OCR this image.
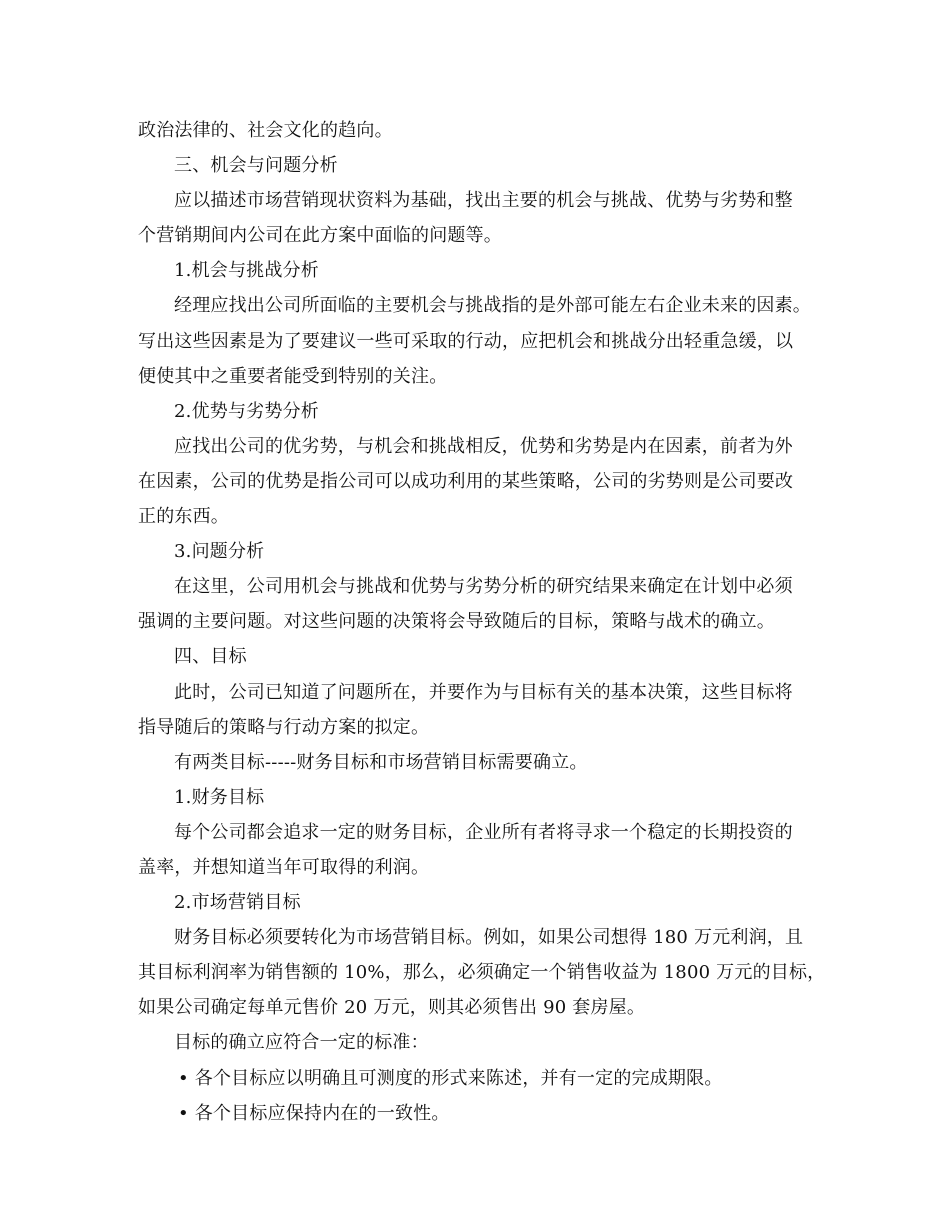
政治法律的、社会文化的趋向。
三、机会与问题分析
应以描述市场营销现状资料为基础，找出主要的机会与挑战、优势与劣势和整
个营销期间内公司在此方案中面临的问题等。
1.机会与挑战分析
经理应找出公司所面临的主要机会与挑战指的是外部可能左右企业未来的因素。
写出这些因素是为了要建议一些可采取的行动，应把机会和挑战分出轻重急缓，以
便使其中之重要者能受到特别的关注。
2.优势与劣势分析
应找出公司的优劣势，与机会和挑战相反，优势和劣势是内在因素，前者为外
在因素，公司的优势是指公司可以成功利用的某些策略，公司的劣势则是公司要改
正的东西。
3.问题分析
在这里，公司用机会与挑战和优势与劣势分析的研究结果来确定在计划中必须
强调的主要问题。对这些问题的决策将会导致随后的目标，策略与战术的确立。
四、目标
此时，公司已知道了问题所在，并要作为与目标有关的基本决策，这些目标将
指导随后的策略与行动方案的拟定。
有两类目标-----财务目标和市场营销目标需要确立。
1.财务目标
每个公司都会追求一定的财务目标，企业所有者将寻求一个稳定的长期投资的
盖率，并想知道当年可取得的利润。
2.市场营销目标
财务目标必须要转化为市场营销目标。例如，如果公司想得 180 万元利润，且
其目标利润率为销售额的 10%，那么，必须确定一个销售收益为 1800 万元的目标，
如果公司确定每单元售价 20 万元，则其必须售出 90 套房屋。
目标的确立应符合一定的标准：
• 各个目标应以明确且可测度的形式来陈述，并有一定的完成期限。
• 各个目标应保持内在的一致性。
